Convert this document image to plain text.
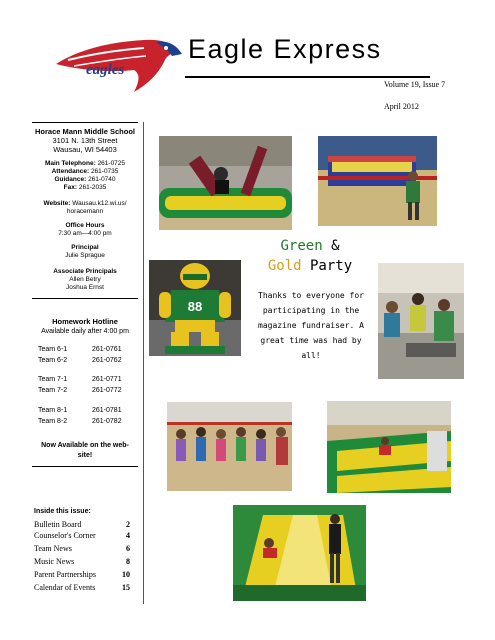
eagles
Eagle Express
Volume 19, Issue 7
April 2012
Horace Mann Middle School
3101 N. 13th Street
Wausau, WI 54403
Main Telephone: 261-0725
Attendance: 261-0735
Guidance: 261-0740
Fax: 261-2035
Website: Wausau.k12.wi.us/
horacemann
Office Hours
7:30 am—4:00 pm
Principal
Julie Sprague
Associate Principals
Allen Betry
Joshua Ernst
Homework Hotline
Available daily after 4:00 pm
Team 6-1	261-0761
Team 6-2	261-0762
Team 7-1	261-0771
Team 7-2	261-0772
Team 8-1	261-0781
Team 8-2	261-0782
Now Available on the web-
site!
Inside this issue:
Bulletin Board	2
Counselor's Corner	4
Team News	6
Music News	8
Parent Partnerships	10
Calendar of Events	15
88
Green &
Gold Party
Thanks to everyone for participating in the magazine fundraiser. A great time was had by all!
